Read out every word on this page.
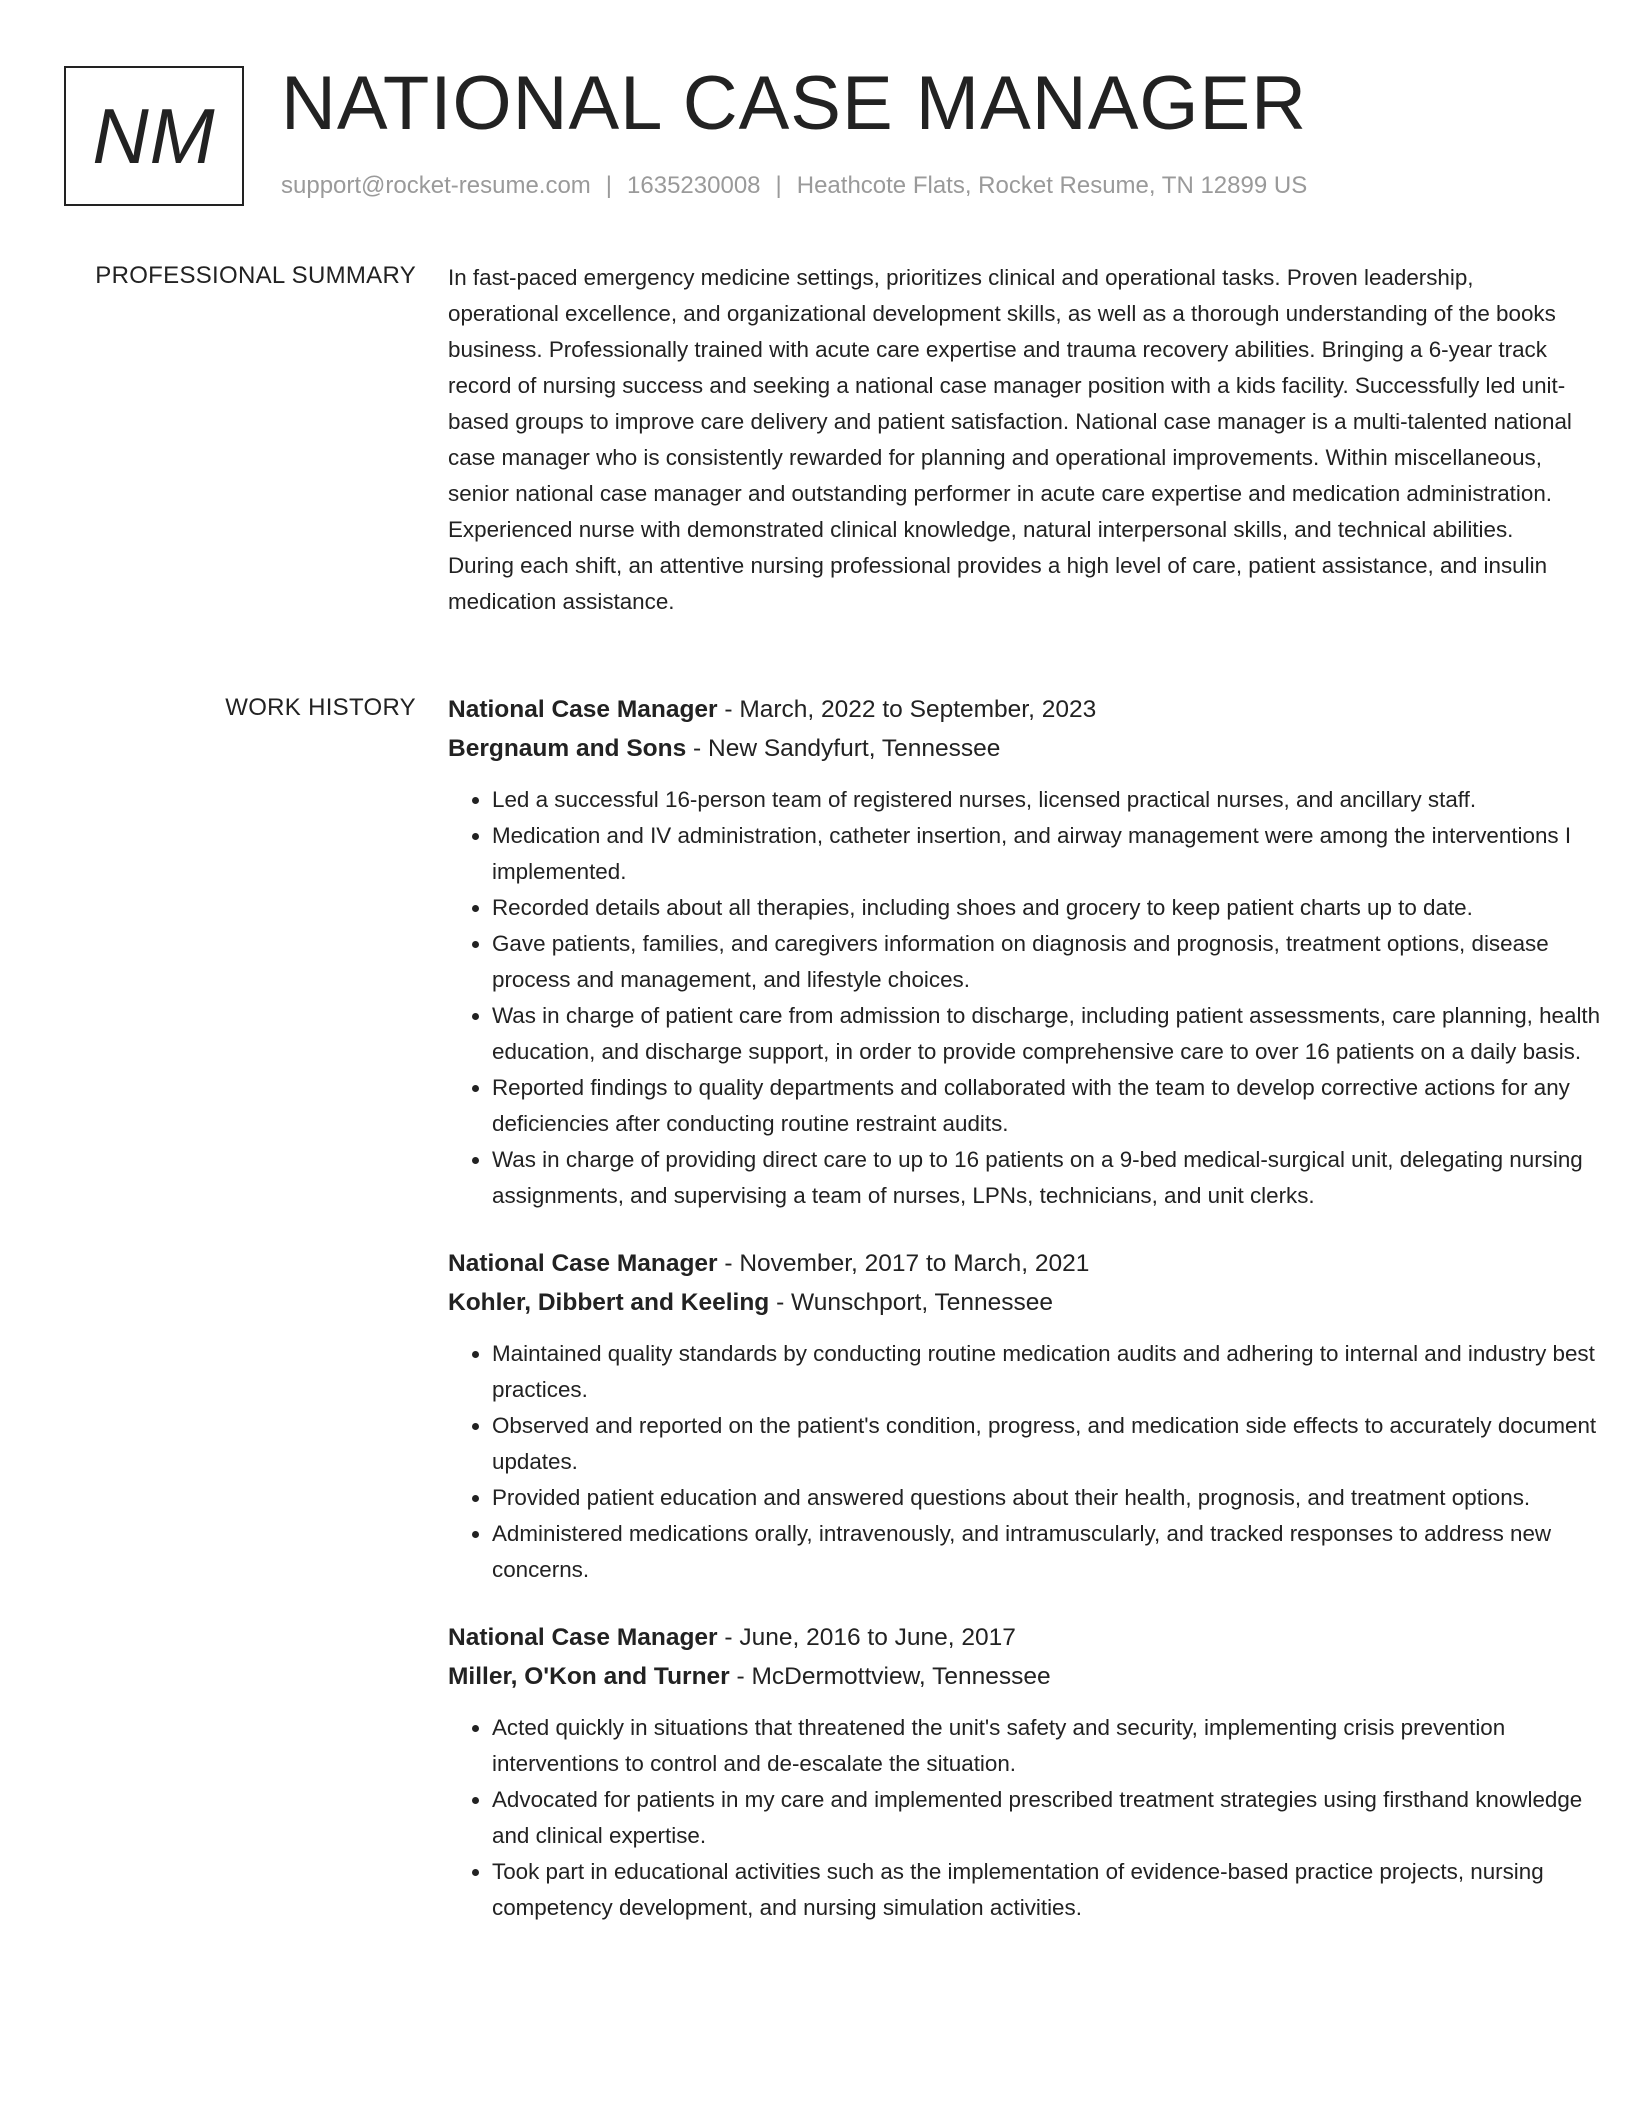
NM NATIONAL CASE MANAGER
support@rocket-resume.com | 1635230008 | Heathcote Flats, Rocket Resume, TN 12899 US
PROFESSIONAL SUMMARY In fast-paced emergency medicine settings, prioritizes clinical and operational tasks. Proven leadership, operational excellence, and organizational development skills, as well as a thorough understanding of the books business. Professionally trained with acute care expertise and trauma recovery abilities. Bringing a 6-year track record of nursing success and seeking a national case manager position with a kids facility. Successfully led unit-based groups to improve care delivery and patient satisfaction. National case manager is a multi-talented national case manager who is consistently rewarded for planning and operational improvements. Within miscellaneous, senior national case manager and outstanding performer in acute care expertise and medication administration. Experienced nurse with demonstrated clinical knowledge, natural interpersonal skills, and technical abilities. During each shift, an attentive nursing professional provides a high level of care, patient assistance, and insulin medication assistance.

WORK HISTORY National Case Manager - March, 2022 to September, 2023
Bergnaum and Sons - New Sandyfurt, Tennessee
• Led a successful 16-person team of registered nurses, licensed practical nurses, and ancillary staff.
• Medication and IV administration, catheter insertion, and airway management were among the interventions I implemented.
• Recorded details about all therapies, including shoes and grocery to keep patient charts up to date.
• Gave patients, families, and caregivers information on diagnosis and prognosis, treatment options, disease process and management, and lifestyle choices.
• Was in charge of patient care from admission to discharge, including patient assessments, care planning, health education, and discharge support, in order to provide comprehensive care to over 16 patients on a daily basis.
• Reported findings to quality departments and collaborated with the team to develop corrective actions for any deficiencies after conducting routine restraint audits.
• Was in charge of providing direct care to up to 16 patients on a 9-bed medical-surgical unit, delegating nursing assignments, and supervising a team of nurses, LPNs, technicians, and unit clerks.
National Case Manager - November, 2017 to March, 2021
Kohler, Dibbert and Keeling - Wunschport, Tennessee
• Maintained quality standards by conducting routine medication audits and adhering to internal and industry best practices.
• Observed and reported on the patient's condition, progress, and medication side effects to accurately document updates.
• Provided patient education and answered questions about their health, prognosis, and treatment options.
• Administered medications orally, intravenously, and intramuscularly, and tracked responses to address new concerns.
National Case Manager - June, 2016 to June, 2017
Miller, O'Kon and Turner - McDermottview, Tennessee
• Acted quickly in situations that threatened the unit's safety and security, implementing crisis prevention interventions to control and de-escalate the situation.
• Advocated for patients in my care and implemented prescribed treatment strategies using firsthand knowledge and clinical expertise.
• Took part in educational activities such as the implementation of evidence-based practice projects, nursing competency development, and nursing simulation activities.
